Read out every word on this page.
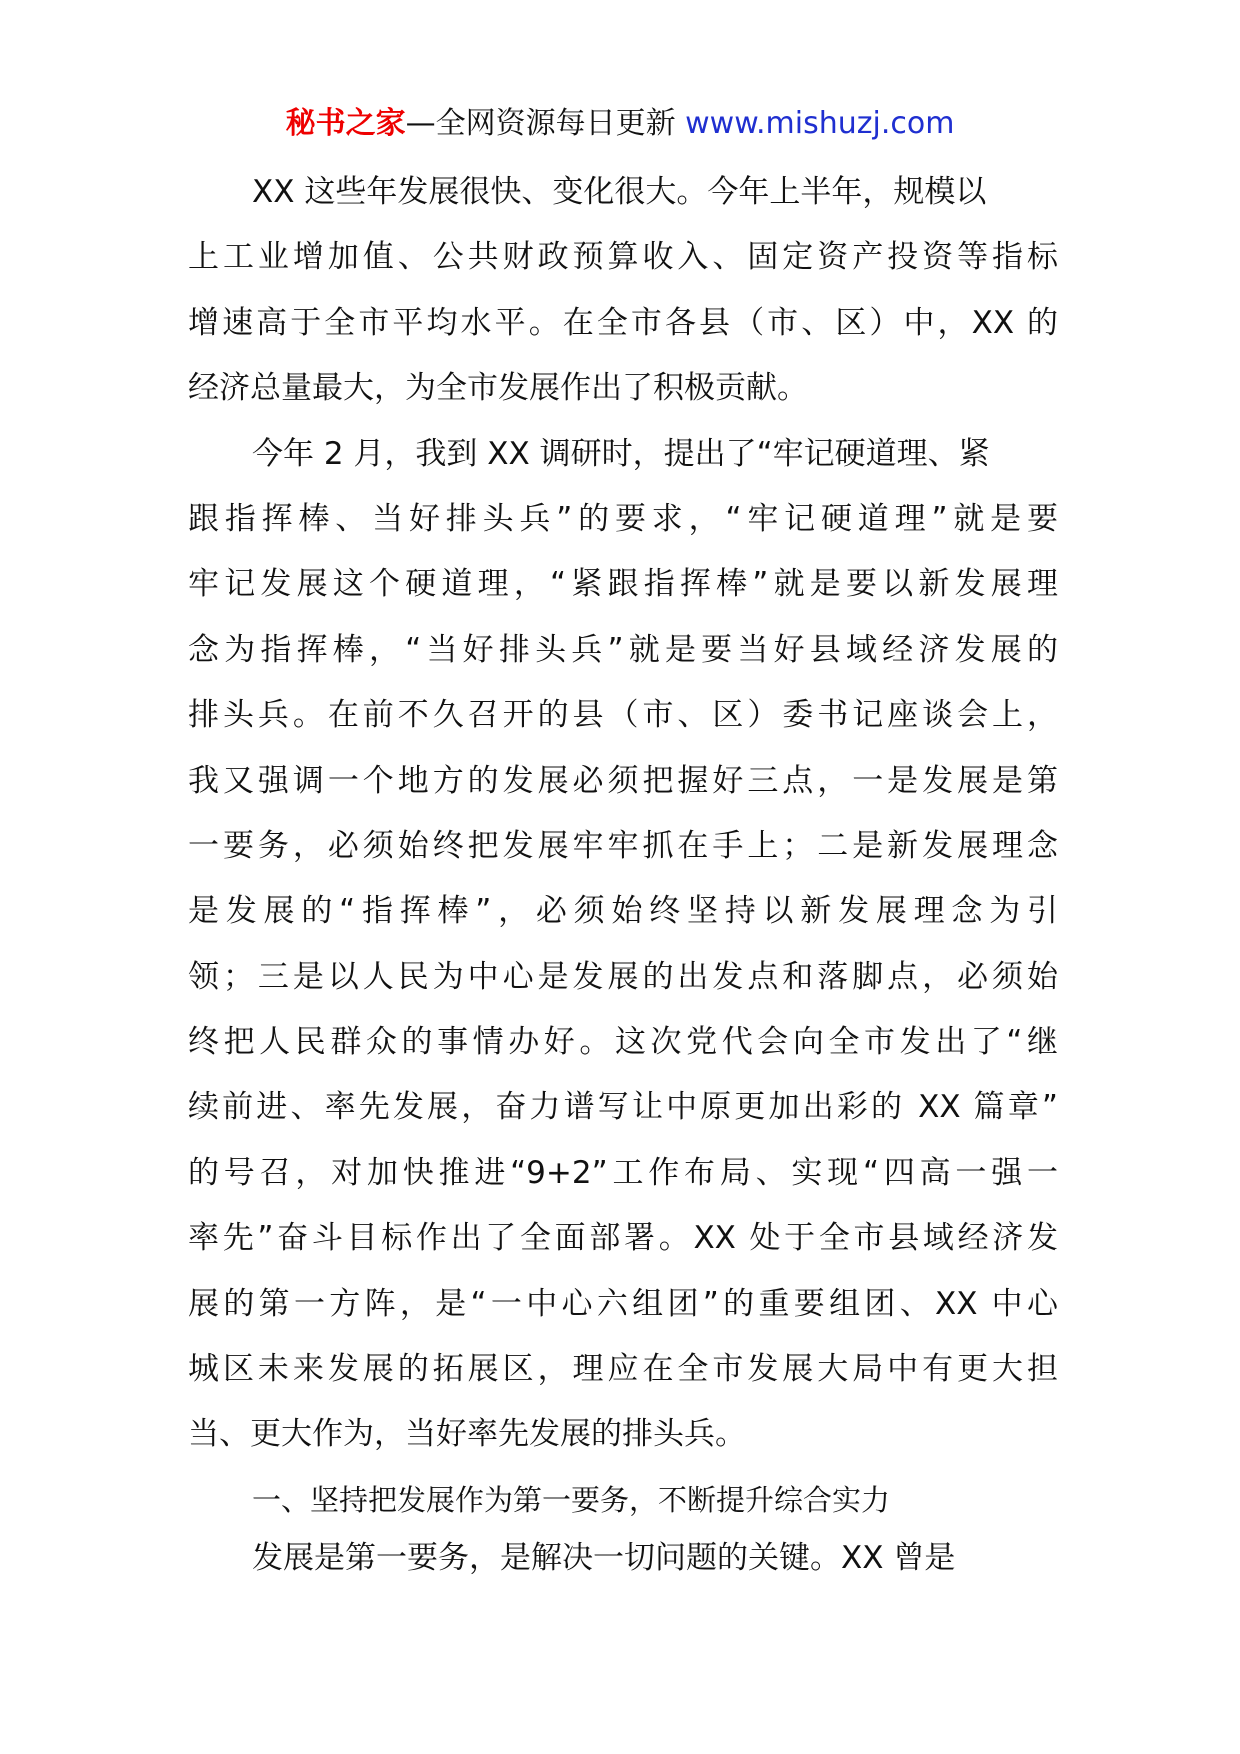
秘书之家—全网资源每日更新 www.mishuzj.com
XX 这些年发展很快、变化很大。今年上半年，规模以
上工业增加值、公共财政预算收入、固定资产投资等指标
增速高于全市平均水平。在全市各县（市、区）中，XX 的
经济总量最大，为全市发展作出了积极贡献。
今年 2 月，我到 XX 调研时，提出了“牢记硬道理、紧
跟指挥棒、当好排头兵”的要求，“牢记硬道理”就是要
牢记发展这个硬道理，“紧跟指挥棒”就是要以新发展理
念为指挥棒，“当好排头兵”就是要当好县域经济发展的
排头兵。在前不久召开的县（市、区）委书记座谈会上，
我又强调一个地方的发展必须把握好三点，一是发展是第
一要务，必须始终把发展牢牢抓在手上；二是新发展理念
是发展的“指挥棒”，必须始终坚持以新发展理念为引
领；三是以人民为中心是发展的出发点和落脚点，必须始
终把人民群众的事情办好。这次党代会向全市发出了“继
续前进、率先发展，奋力谱写让中原更加出彩的 XX 篇章”
的号召，对加快推进“9+2”工作布局、实现“四高一强一
率先”奋斗目标作出了全面部署。XX 处于全市县域经济发
展的第一方阵，是“一中心六组团”的重要组团、XX 中心
城区未来发展的拓展区，理应在全市发展大局中有更大担
当、更大作为，当好率先发展的排头兵。
一、坚持把发展作为第一要务，不断提升综合实力
发展是第一要务，是解决一切问题的关键。XX 曾是
